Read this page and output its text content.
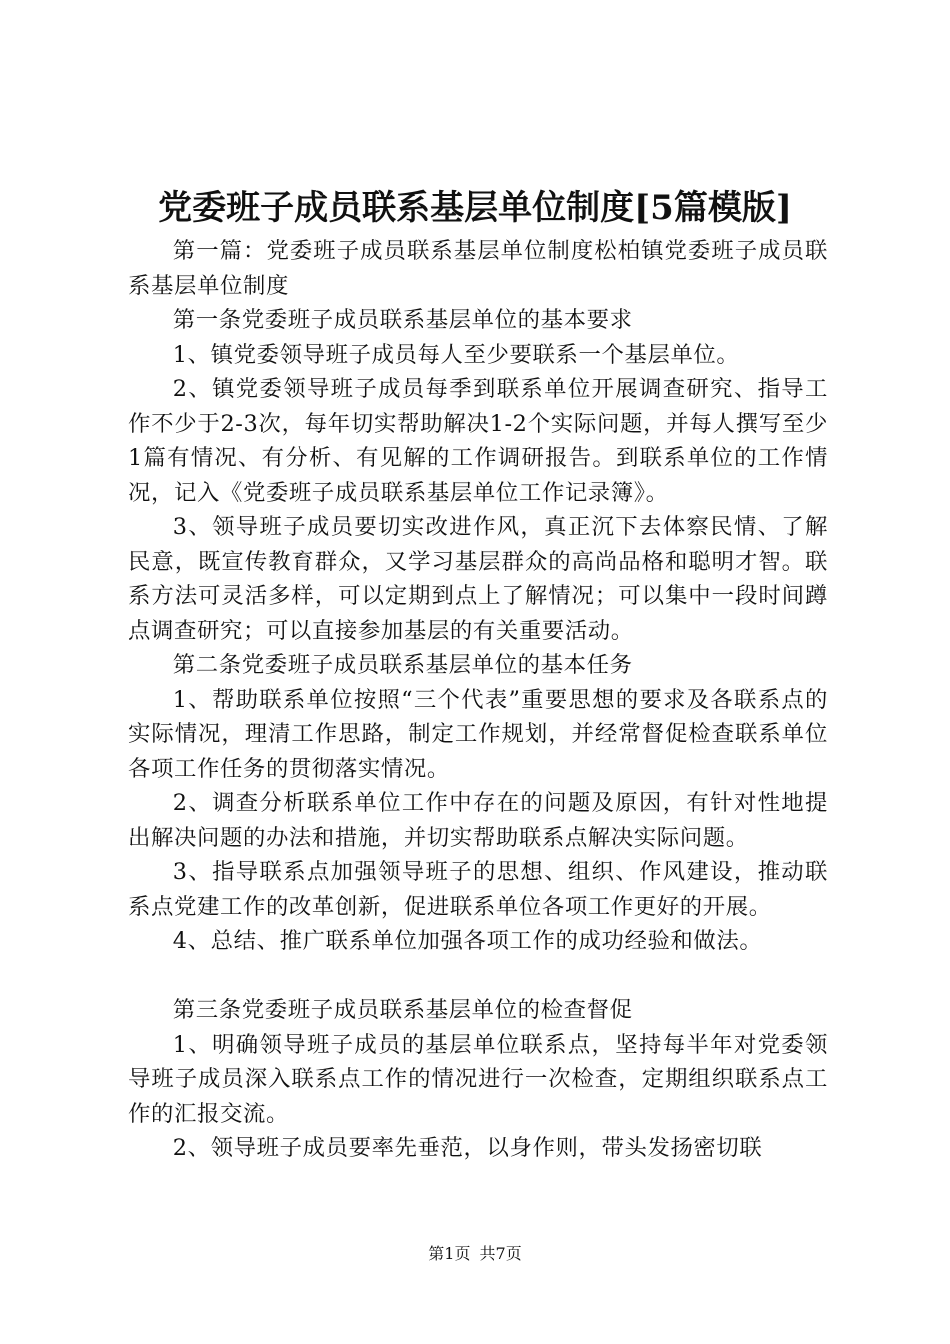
党委班子成员联系基层单位制度[5篇模版]

第一篇：党委班子成员联系基层单位制度松柏镇党委班子成员联系基层单位制度

第一条党委班子成员联系基层单位的基本要求

1、镇党委领导班子成员每人至少要联系一个基层单位。

2、镇党委领导班子成员每季到联系单位开展调查研究、指导工作不少于2-3次，每年切实帮助解决1-2个实际问题，并每人撰写至少1篇有情况、有分析、有见解的工作调研报告。到联系单位的工作情况，记入《党委班子成员联系基层单位工作记录簿》。

3、领导班子成员要切实改进作风，真正沉下去体察民情、了解民意，既宣传教育群众，又学习基层群众的高尚品格和聪明才智。联系方法可灵活多样，可以定期到点上了解情况；可以集中一段时间蹲点调查研究；可以直接参加基层的有关重要活动。

第二条党委班子成员联系基层单位的基本任务

1、帮助联系单位按照“三个代表”重要思想的要求及各联系点的实际情况，理清工作思路，制定工作规划，并经常督促检查联系单位各项工作任务的贯彻落实情况。

2、调查分析联系单位工作中存在的问题及原因，有针对性地提出解决问题的办法和措施，并切实帮助联系点解决实际问题。

3、指导联系点加强领导班子的思想、组织、作风建设，推动联系点党建工作的改革创新，促进联系单位各项工作更好的开展。

4、总结、推广联系单位加强各项工作的成功经验和做法。

第三条党委班子成员联系基层单位的检查督促

1、明确领导班子成员的基层单位联系点，坚持每半年对党委领导班子成员深入联系点工作的情况进行一次检查，定期组织联系点工作的汇报交流。

2、领导班子成员要率先垂范，以身作则，带头发扬密切联

第1页 共7页
